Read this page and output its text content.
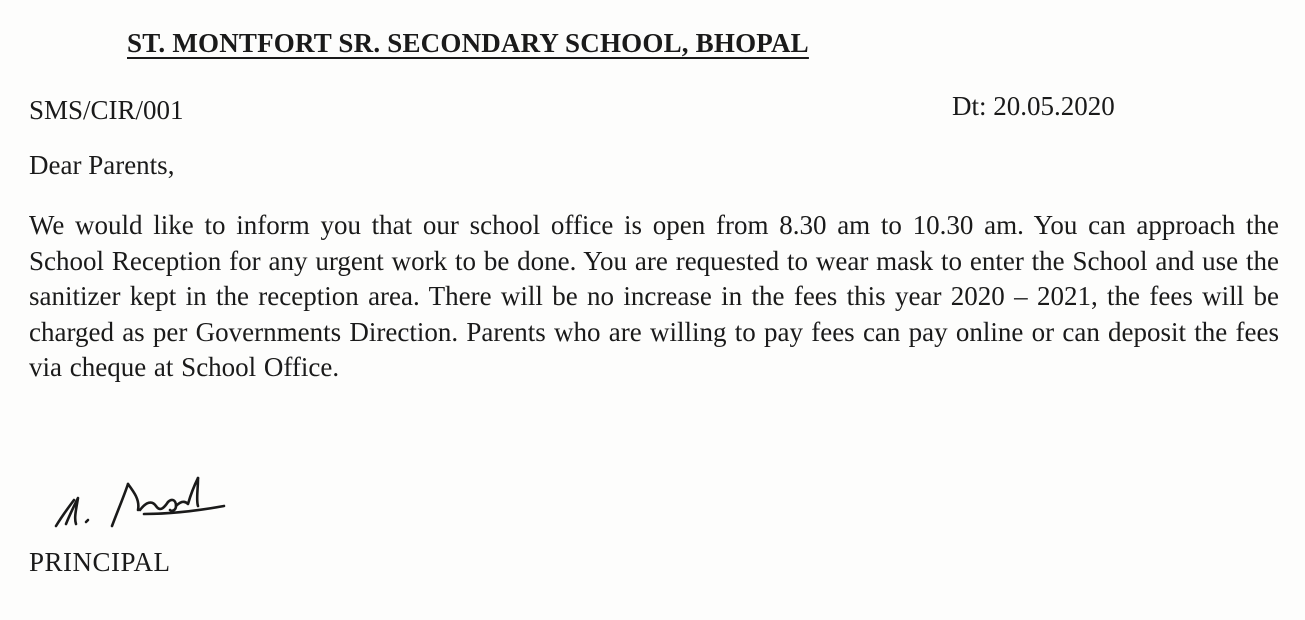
ST. MONTFORT SR. SECONDARY SCHOOL, BHOPAL
SMS/CIR/001	Dt: 20.05.2020
Dear Parents,
We would like to inform you that our school office is open from 8.30 am to 10.30 am. You can approach the School Reception for any urgent work to be done. You are requested to wear mask to enter the School and use the sanitizer kept in the reception area. There will be no increase in the fees this year 2020 – 2021, the fees will be charged as per Governments Direction. Parents who are willing to pay fees can pay online or can deposit the fees via cheque at School Office.
PRINCIPAL
